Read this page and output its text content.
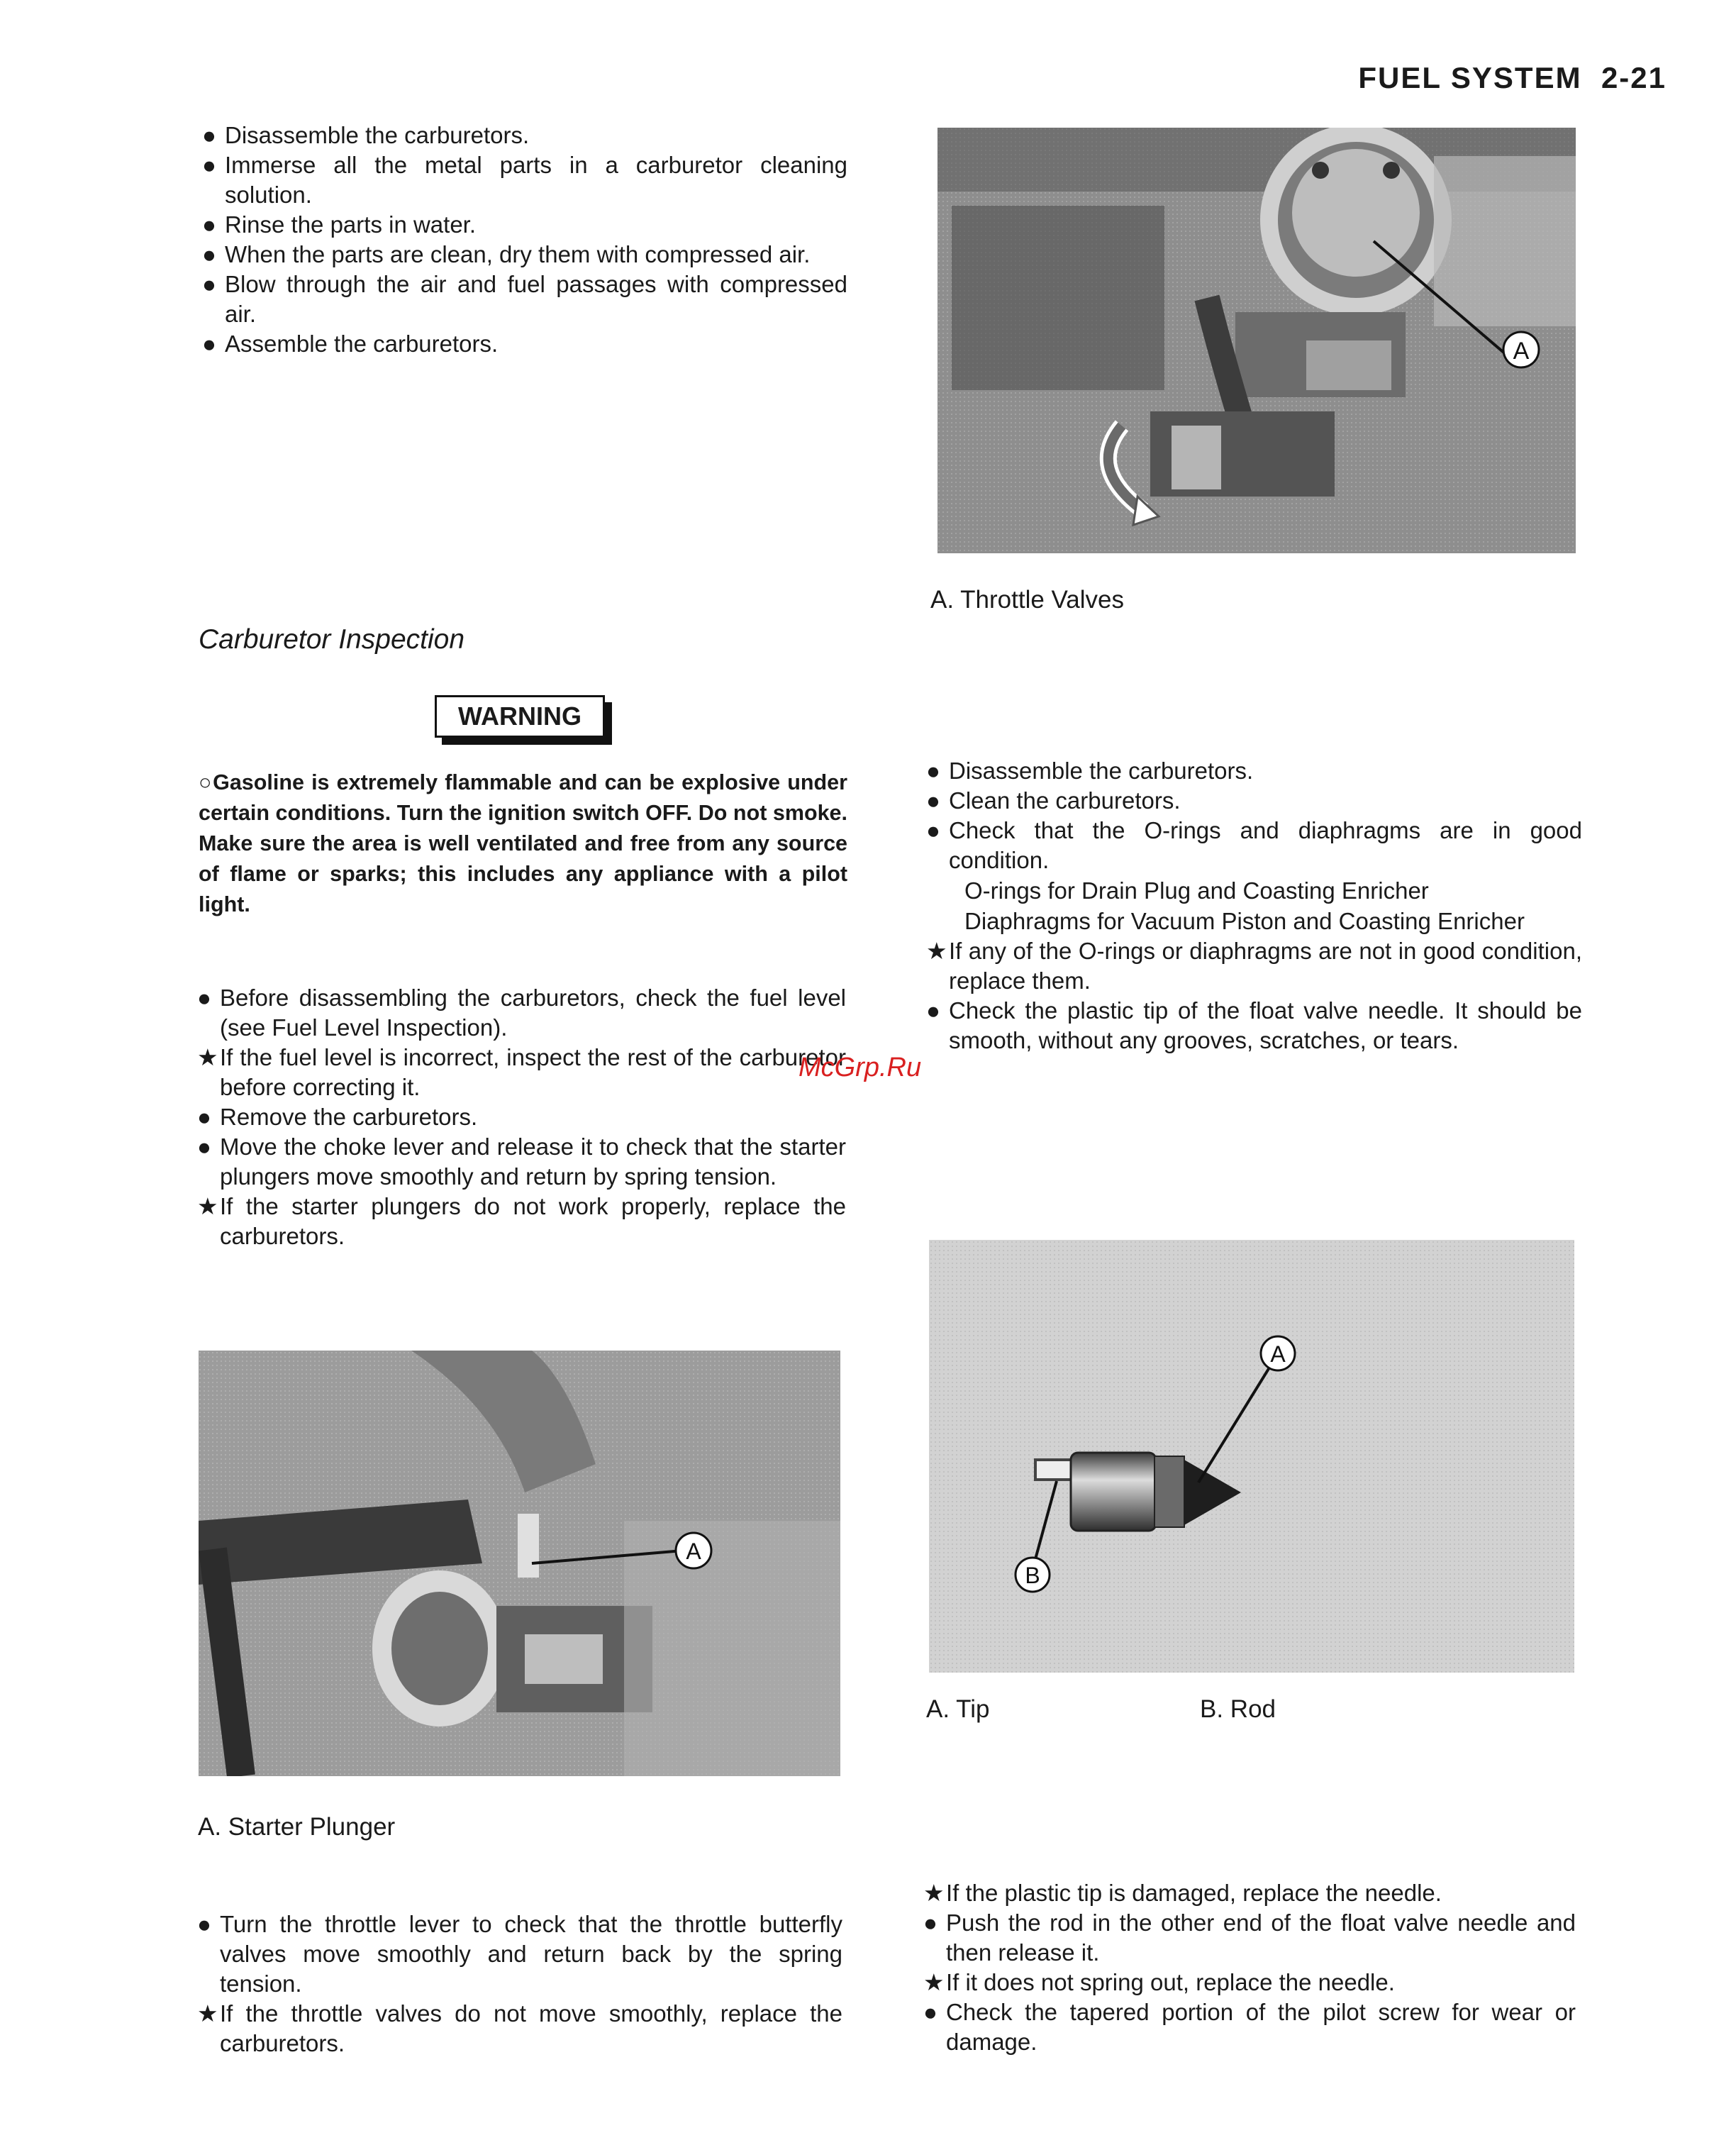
FUEL SYSTEM 2-21
● Disassemble the carburetors.
● Immerse all the metal parts in a carburetor cleaning solution.
● Rinse the parts in water.
● When the parts are clean, dry them with compressed air.
● Blow through the air and fuel passages with compressed air.
● Assemble the carburetors.	A
A. Throttle Valves
Carburetor Inspection
WARNING
○Gasoline is extremely flammable and can be explosive under certain conditions. Turn the ignition switch OFF. Do not smoke. Make sure the area is well ventilated and free from any source of flame or sparks; this includes any appliance with a pilot light.
● Before disassembling the carburetors, check the fuel level (see Fuel Level Inspection).
★ If the fuel level is incorrect, inspect the rest of the carburetor before correcting it.
● Remove the carburetors.
● Move the choke lever and release it to check that the starter plungers move smoothly and return by spring tension.
★ If the starter plungers do not work properly, replace the carburetors.
● Disassemble the carburetors.
● Clean the carburetors.
● Check that the O-rings and diaphragms are in good condition.
O-rings for Drain Plug and Coasting Enricher
Diaphragms for Vacuum Piston and Coasting Enricher
★ If any of the O-rings or diaphragms are not in good condition, replace them.
● Check the plastic tip of the float valve needle. It should be smooth, without any grooves, scratches, or tears.
McGrp.Ru
A
B
A. Tip	B. Rod
A
A. Starter Plunger
● Turn the throttle lever to check that the throttle butterfly valves move smoothly and return back by the spring tension.
★ If the throttle valves do not move smoothly, replace the carburetors.
★ If the plastic tip is damaged, replace the needle.
● Push the rod in the other end of the float valve needle and then release it.
★ If it does not spring out, replace the needle.
● Check the tapered portion of the pilot screw for wear or damage.
